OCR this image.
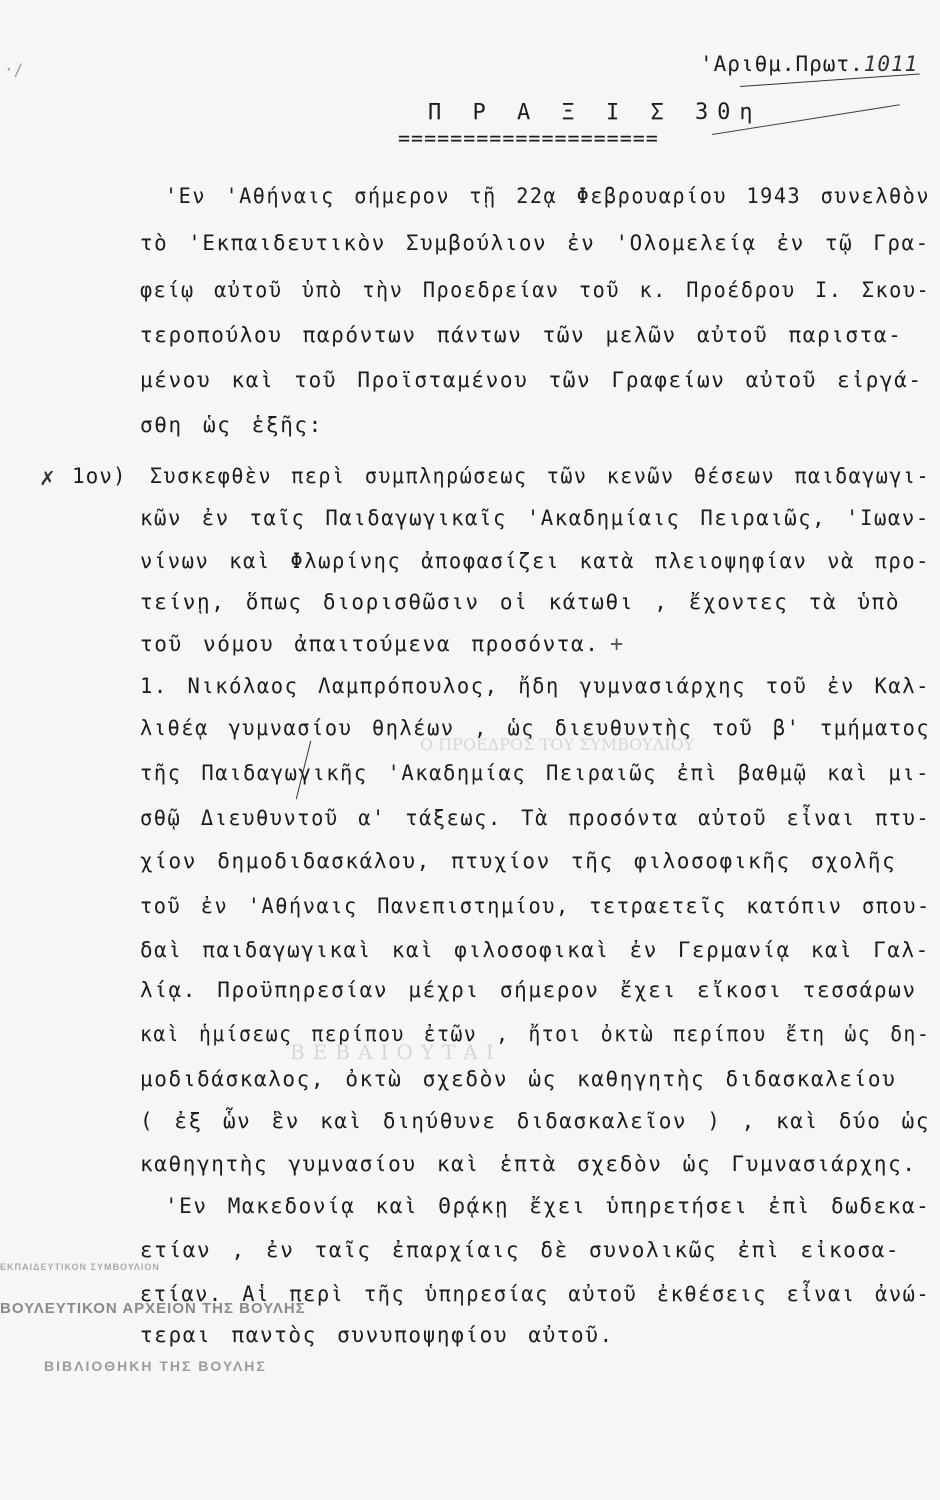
·/	'Αριθμ.Πρωτ.1011
Π Ρ Α Ξ Ι Σ 30η
====================
'Εν 'Αθήναις σήμερον τῇ 22ᾳ Φεβρουαρίου 1943 συνελθὸν
τὸ 'Εκπαιδευτικὸν Συμβούλιον ἐν 'Ολομελείᾳ ἐν τῷ Γρα-
φείῳ αὐτοῦ ὑπὸ τὴν Προεδρείαν τοῦ κ. Προέδρου Ι. Σκου-
τεροπούλου παρόντων πάντων τῶν μελῶν αὐτοῦ παριστα-
μένου καὶ τοῦ Προϊσταμένου τῶν Γραφείων αὐτοῦ εἰργά-
σθη ὡς ἑξῆς:
✗ 1ον) Συσκεφθὲν περὶ συμπληρώσεως τῶν κενῶν θέσεων παιδαγωγι-
κῶν ἐν ταῖς Παιδαγωγικαῖς 'Ακαδημίαις Πειραιῶς, 'Ιωαν-
νίνων καὶ Φλωρίνης ἀποφασίζει κατὰ πλειοψηφίαν νὰ προ-
τείνῃ, ὅπως διορισθῶσιν οἱ κάτωθι , ἔχοντες τὰ ὑπὸ
τοῦ νόμου ἀπαιτούμενα προσόντα. +
1. Νικόλαος Λαμπρόπουλος, ἤδη γυμνασιάρχης τοῦ ἐν Καλ-
λιθέᾳ γυμνασίου θηλέων , ὡς διευθυντὴς τοῦ β' τμήματος
τῆς Παιδαγωγικῆς 'Ακαδημίας Πειραιῶς ἐπὶ βαθμῷ καὶ μι-
σθῷ Διευθυντοῦ α' τάξεως. Τὰ προσόντα αὐτοῦ εἶναι πτυ-
χίον δημοδιδασκάλου, πτυχίον τῆς φιλοσοφικῆς σχολῆς
τοῦ ἐν 'Αθήναις Πανεπιστημίου, τετραετεῖς κατόπιν σπου-
δαὶ παιδαγωγικαὶ καὶ φιλοσοφικαὶ ἐν Γερμανίᾳ καὶ Γαλ-
λίᾳ. Προϋπηρεσίαν μέχρι σήμερον ἔχει εἴκοσι τεσσάρων
καὶ ἡμίσεως περίπου ἐτῶν , ἤτοι ὀκτὼ περίπου ἔτη ὡς δη-
μοδιδάσκαλος, ὀκτὼ σχεδὸν ὡς καθηγητὴς διδασκαλείου
( ἐξ ὧν ἓν καὶ διηύθυνε διδασκαλεῖον ) , καὶ δύο ὡς
καθηγητὴς γυμνασίου καὶ ἑπτὰ σχεδὸν ὡς Γυμνασιάρχης.
'Εν Μακεδονίᾳ καὶ Θρᾴκῃ ἔχει ὑπηρετήσει ἐπὶ δωδεκα-
ετίαν , ἐν ταῖς ἐπαρχίαις δὲ συνολικῶς ἐπὶ εἰκοσα-
ετίαν. Αἱ περὶ τῆς ὑπηρεσίας αὐτοῦ ἐκθέσεις εἶναι ἀνώ-
τεραι παντὸς συνυποψηφίου αὐτοῦ.
ΕΚΠΑΙΔΕΥΤΙΚΟΝ ΣΥΜΒΟΥΛΙΟΝ
ΒΟΥΛΕΥΤΙΚΟΝ ΑΡΧΕΙΟΝ ΤΗΣ ΒΟΥΛΗΣ
ΒΙΒΛΙΟΘΗΚΗ ΤΗΣ ΒΟΥΛΗΣ
Ο ΠΡΟΕΔΡΟΣ ΤΟΥ ΣΥΜΒΟΥΛΙΟΥ
ΒΕΒΑΙΟΥΤΑΙ
